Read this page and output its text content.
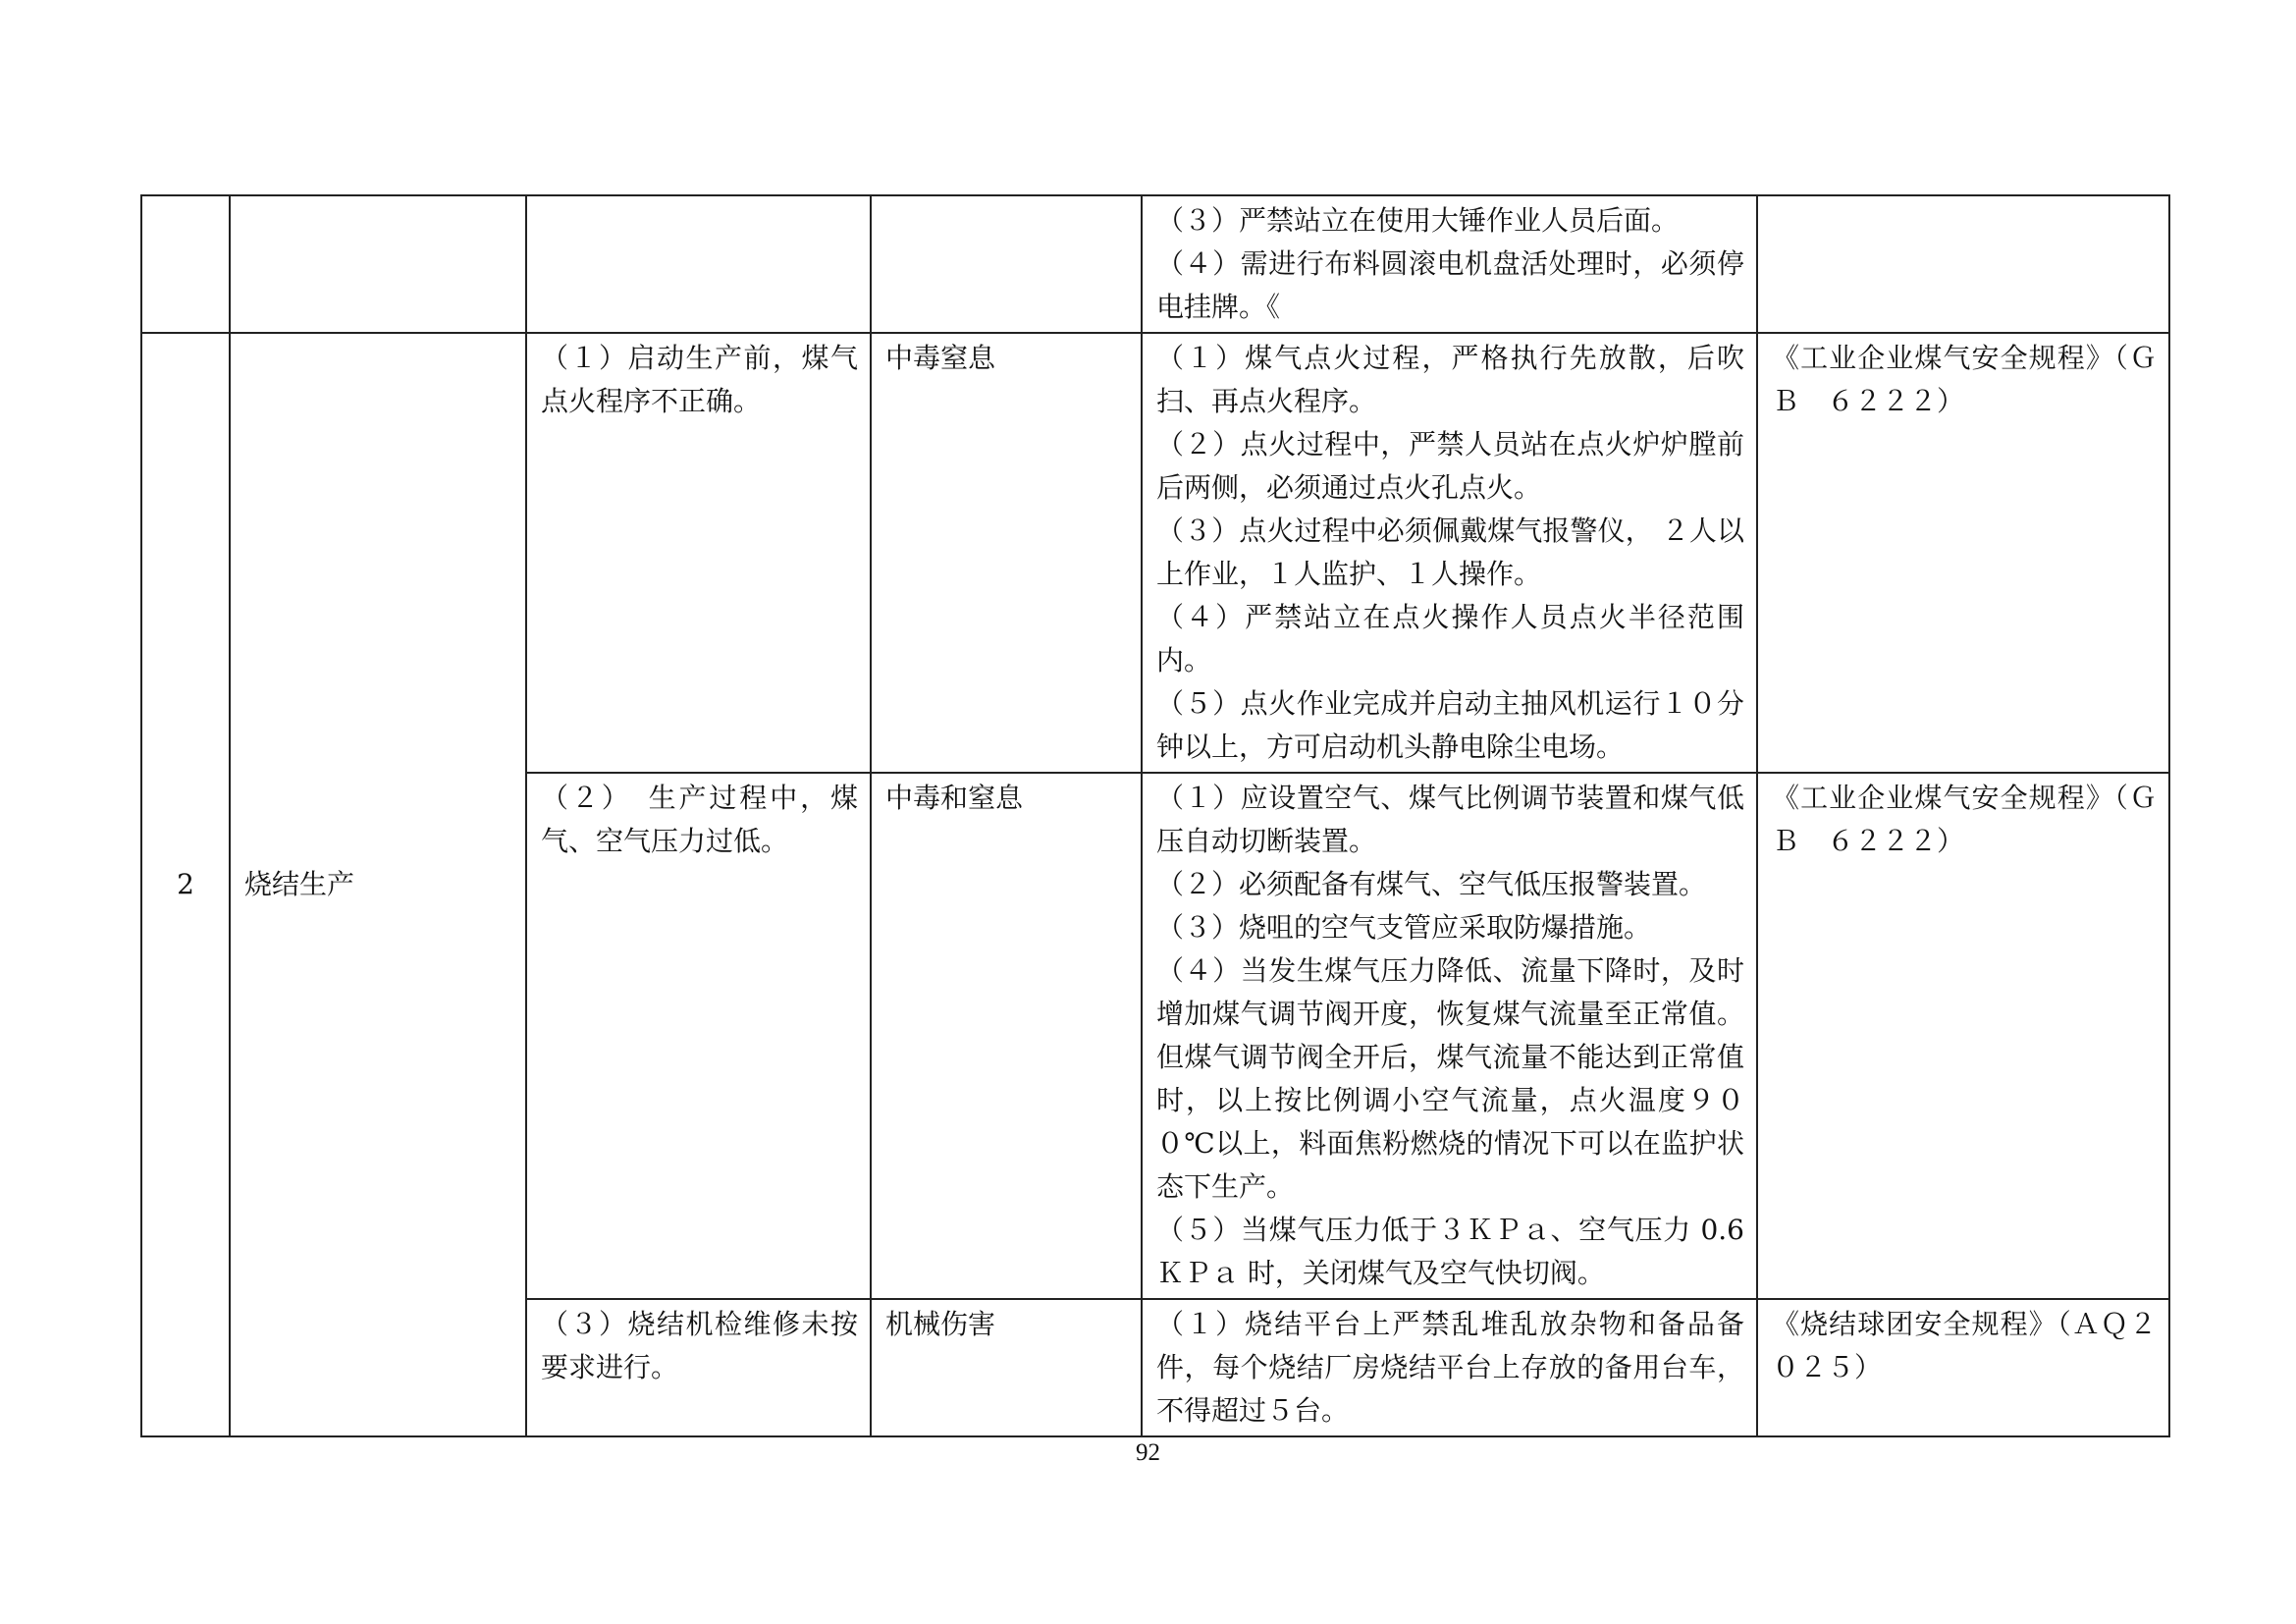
				（３）严禁站立在使用大锤作业人员后面。
（４）需进行布料圆滚电机盘活处理时，必须停电挂牌。《	

2	烧结生产	（１）启动生产前，煤气点火程序不正确。	中毒窒息	（１）煤气点火过程，严格执行先放散，后吹扫、再点火程序。
（２）点火过程中，严禁人员站在点火炉炉膛前后两侧，必须通过点火孔点火。
（３）点火过程中必须佩戴煤气报警仪， ２人以上作业，１人监护、１人操作。
（４）严禁站立在点火操作人员点火半径范围内。
（５）点火作业完成并启动主抽风机运行１０分钟以上，方可启动机头静电除尘电场。	《工业企业煤气安全规程》（ＧＢ　６２２２）

		（２）　生产过程中，煤气、空气压力过低。	中毒和窒息	（１）应设置空气、煤气比例调节装置和煤气低压自动切断装置。
（２）必须配备有煤气、空气低压报警装置。
（３）烧咀的空气支管应采取防爆措施。
（４）当发生煤气压力降低、流量下降时，及时增加煤气调节阀开度，恢复煤气流量至正常值。但煤气调节阀全开后，煤气流量不能达到正常值时，以上按比例调小空气流量，点火温度９００℃以上，料面焦粉燃烧的情况下可以在监护状态下生产。
（５）当煤气压力低于３ＫＰａ、空气压力 0.6 ＫＰａ 时，关闭煤气及空气快切阀。	《工业企业煤气安全规程》（ＧＢ　６２２２）

		（３）烧结机检维修未按要求进行。	机械伤害	（１）烧结平台上严禁乱堆乱放杂物和备品备件，每个烧结厂房烧结平台上存放的备用台车，不得超过５台。	《烧结球团安全规程》（ＡＱ２０２５）
92
